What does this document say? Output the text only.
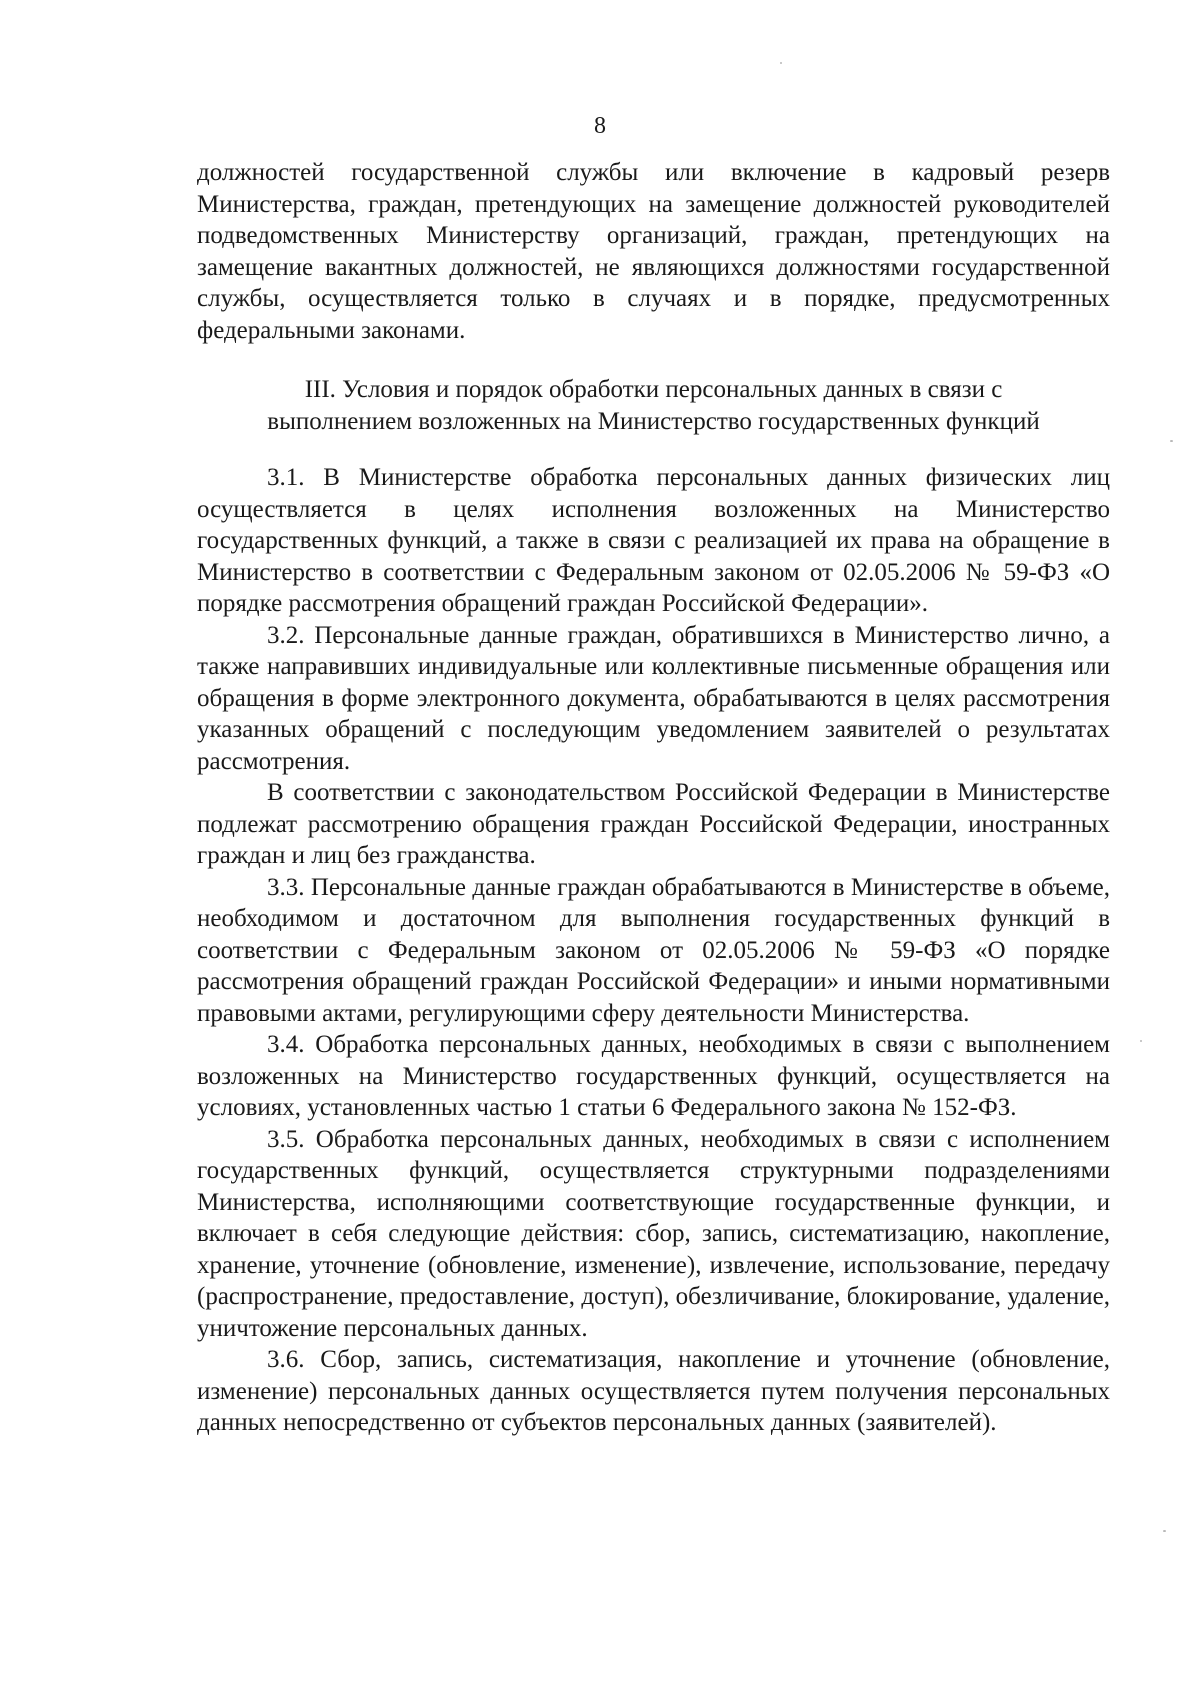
8

должностей государственной службы или включение в кадровый резерв Министерства, граждан, претендующих на замещение должностей руководителей подведомственных Министерству организаций, граждан, претендующих на замещение вакантных должностей, не являющихся должностями государственной службы, осуществляется только в случаях и в порядке, предусмотренных федеральными законами.

III. Условия и порядок обработки персональных данных в связи с
выполнением возложенных на Министерство государственных функций

3.1. В Министерстве обработка персональных данных физических лиц осуществляется в целях исполнения возложенных на Министерство государственных функций, а также в связи с реализацией их права на обращение в Министерство в соответствии с Федеральным законом от 02.05.2006 № 59-ФЗ «О порядке рассмотрения обращений граждан Российской Федерации».

3.2. Персональные данные граждан, обратившихся в Министерство лично, а также направивших индивидуальные или коллективные письменные обращения или обращения в форме электронного документа, обрабатываются в целях рассмотрения указанных обращений с последующим уведомлением заявителей о результатах рассмотрения.

В соответствии с законодательством Российской Федерации в Министерстве подлежат рассмотрению обращения граждан Российской Федерации, иностранных граждан и лиц без гражданства.

3.3. Персональные данные граждан обрабатываются в Министерстве в объеме, необходимом и достаточном для выполнения государственных функций в соответствии с Федеральным законом от 02.05.2006 № 59-ФЗ «О порядке рассмотрения обращений граждан Российской Федерации» и иными нормативными правовыми актами, регулирующими сферу деятельности Министерства.

3.4. Обработка персональных данных, необходимых в связи с выполнением возложенных на Министерство государственных функций, осуществляется на условиях, установленных частью 1 статьи 6 Федерального закона № 152-ФЗ.

3.5. Обработка персональных данных, необходимых в связи с исполнением государственных функций, осуществляется структурными подразделениями Министерства, исполняющими соответствующие государственные функции, и включает в себя следующие действия: сбор, запись, систематизацию, накопление, хранение, уточнение (обновление, изменение), извлечение, использование, передачу (распространение, предоставление, доступ), обезличивание, блокирование, удаление, уничтожение персональных данных.

3.6. Сбор, запись, систематизация, накопление и уточнение (обновление, изменение) персональных данных осуществляется путем получения персональных данных непосредственно от субъектов персональных данных (заявителей).
